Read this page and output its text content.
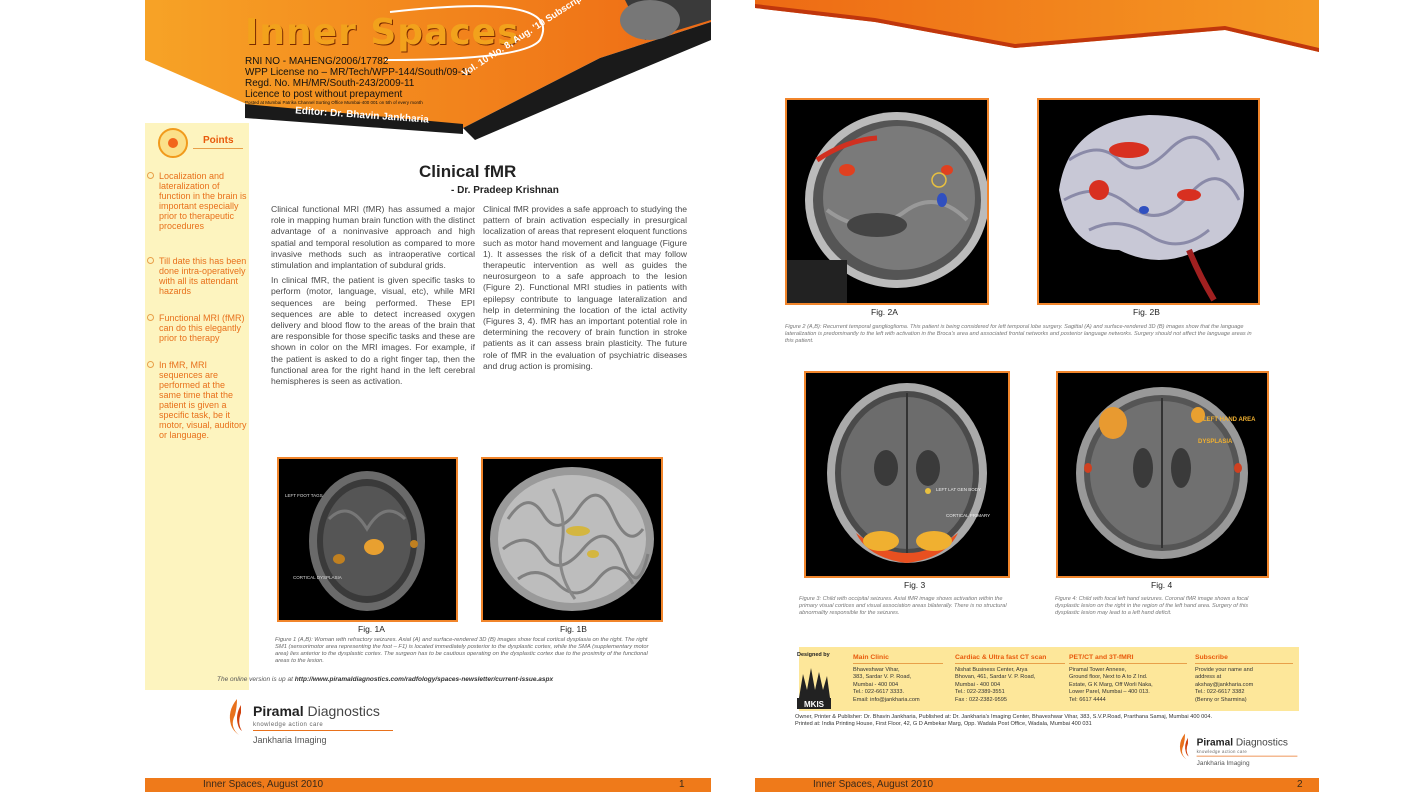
Inner Spaces
RNI NO - MAHENG/2006/17782
WPP License no – MR/Tech/WPP-144/South/09-11
Regd. No. MH/MR/South-243/2009-11
Licence to post without prepayment
Posted at Mumbai Patrika Channel Sorting Office Mumbai-400 001 on 5th of every month
Editor: Dr. Bhavin Jankharia
Points
Localization and lateralization of function in the brain is important especially prior to therapeutic procedures
Till date this has been done intra-operatively with all its attendant hazards
Functional MRI (fMR) can do this elegantly prior to therapy
In fMR, MRI sequences are performed at the same time that the patient is given a specific task, be it motor, visual, auditory or language.
Clinical fMR
- Dr. Pradeep Krishnan

Clinical functional MRI (fMR) has assumed a major role in mapping human brain function with the distinct advantage of a noninvasive approach and high spatial and temporal resolution as compared to more invasive methods such as intraoperative cortical stimulation and implantation of subdural grids.

In clinical fMR, the patient is given specific tasks to perform (motor, language, visual, etc), while MRI sequences are being performed. These EPI sequences are able to detect increased oxygen delivery and blood flow to the areas of the brain that are responsible for those specific tasks and these are shown in color on the MRI images. For example, if the patient is asked to do a right finger tap, then the functional area for the right hand in the left cerebral hemispheres is seen as activation.

Clinical fMR provides a safe approach to studying the pattern of brain activation especially in presurgical localization of areas that represent eloquent functions such as motor hand movement and language (Figure 1). It assesses the risk of a deficit that may follow therapeutic intervention as well as guides the neurosurgeon to a safe approach to the lesion (Figure 2). Functional MRI studies in patients with epilepsy contribute to language lateralization and help in determining the location of the ictal activity (Figures 3, 4). fMR has an important potential role in determining the recovery of brain function in stroke patients as it can assess brain plasticity. The future role of fMR in the evaluation of psychiatric diseases and drug action is promising.

LEFT FOOT TAGS
CORTICAL DYSPLASIA
Fig. 1A	Fig. 1B
Figure 1 (A,B): Woman with refractory seizures. Axial (A) and surface-rendered 3D (B) images show focal cortical dysplasia on the right. The right SM1 (sensorimotor area representing the foot – F1) is located immediately posterior to the dysplastic cortex, while the SMA (supplementary motor area) lies anterior to the dysplastic cortex. The surgeon has to be cautious operating on the dysplastic cortex due to the proximity of the functional areas to the lesion.
The online version is up at http://www.piramaldiagnostics.com/radfology/spaces-newsletter/current-issue.aspx
Piramal Diagnostics
knowledge action care
Jankharia Imaging
Inner Spaces, August 2010	1
Fig. 2A	Fig. 2B
Figure 2 (A,B): Recurrent temporal ganglioglioma. This patient is being considered for left temporal lobe surgery. Sagittal (A) and surface-rendered 3D (B) images show that the language lateralization is predominantly to the left with activation in the Broca's area and associated frontal networks and posterior language networks. Surgery should not affect the language areas in this patient.
LEFT LAT GEN BODY
CORTICAL PRIMARY
Fig. 3
Figure 3: Child with occipital seizures. Axial fMR image shows activation within the primary visual cortices and visual association areas bilaterally. There is no structural abnormality responsible for the seizures.
LEFT HAND AREA
DYSPLASIA
Fig. 4
Figure 4: Child with focal left hand seizures. Coronal fMR image shows a focal dysplastic lesion on the right in the region of the left hand area. Surgery of this dysplastic lesion may lead to a left hand deficit.
Designed by
MKIS
Main Clinic
Bhaveshwar Vihar,
383, Sardar V. P. Road,
Mumbai - 400 004
Tel.: 022-6617 3333.
Email: info@jankharia.com
Cardiac & Ultra fast CT scan
Nishat Business Center, Arya
Bhovan, 461, Sardar V. P. Road,
Mumbai - 400 004
Tel.: 022-2389-3551
Fax : 022-2382-9595
PET/CT and 3T-fMRI
Piramal Tower Annexe,
Ground floor, Next to A to Z Ind.
Estate, G K Marg, Off Worli Naka,
Lower Parel, Mumbai – 400 013.
Tel: 6617 4444
Subscribe
Provide your name and
address at
akshay@jankharia.com
Tel.: 022-6617 3382
(Benny or Sharmina)
Owner, Printer & Publisher: Dr. Bhavin Jankharia, Published at: Dr. Jankharia's Imaging Center, Bhaveshwar Vihar, 383, S.V.P.Road, Prarthana Samaj, Mumbai 400 004.
Printed at: India Printing House, First Floor, 42, G D Ambekar Marg, Opp. Wadala Post Office, Wadala, Mumbai 400 031
Piramal Diagnostics
knowledge action care
Jankharia Imaging
Inner Spaces, August 2010	2
